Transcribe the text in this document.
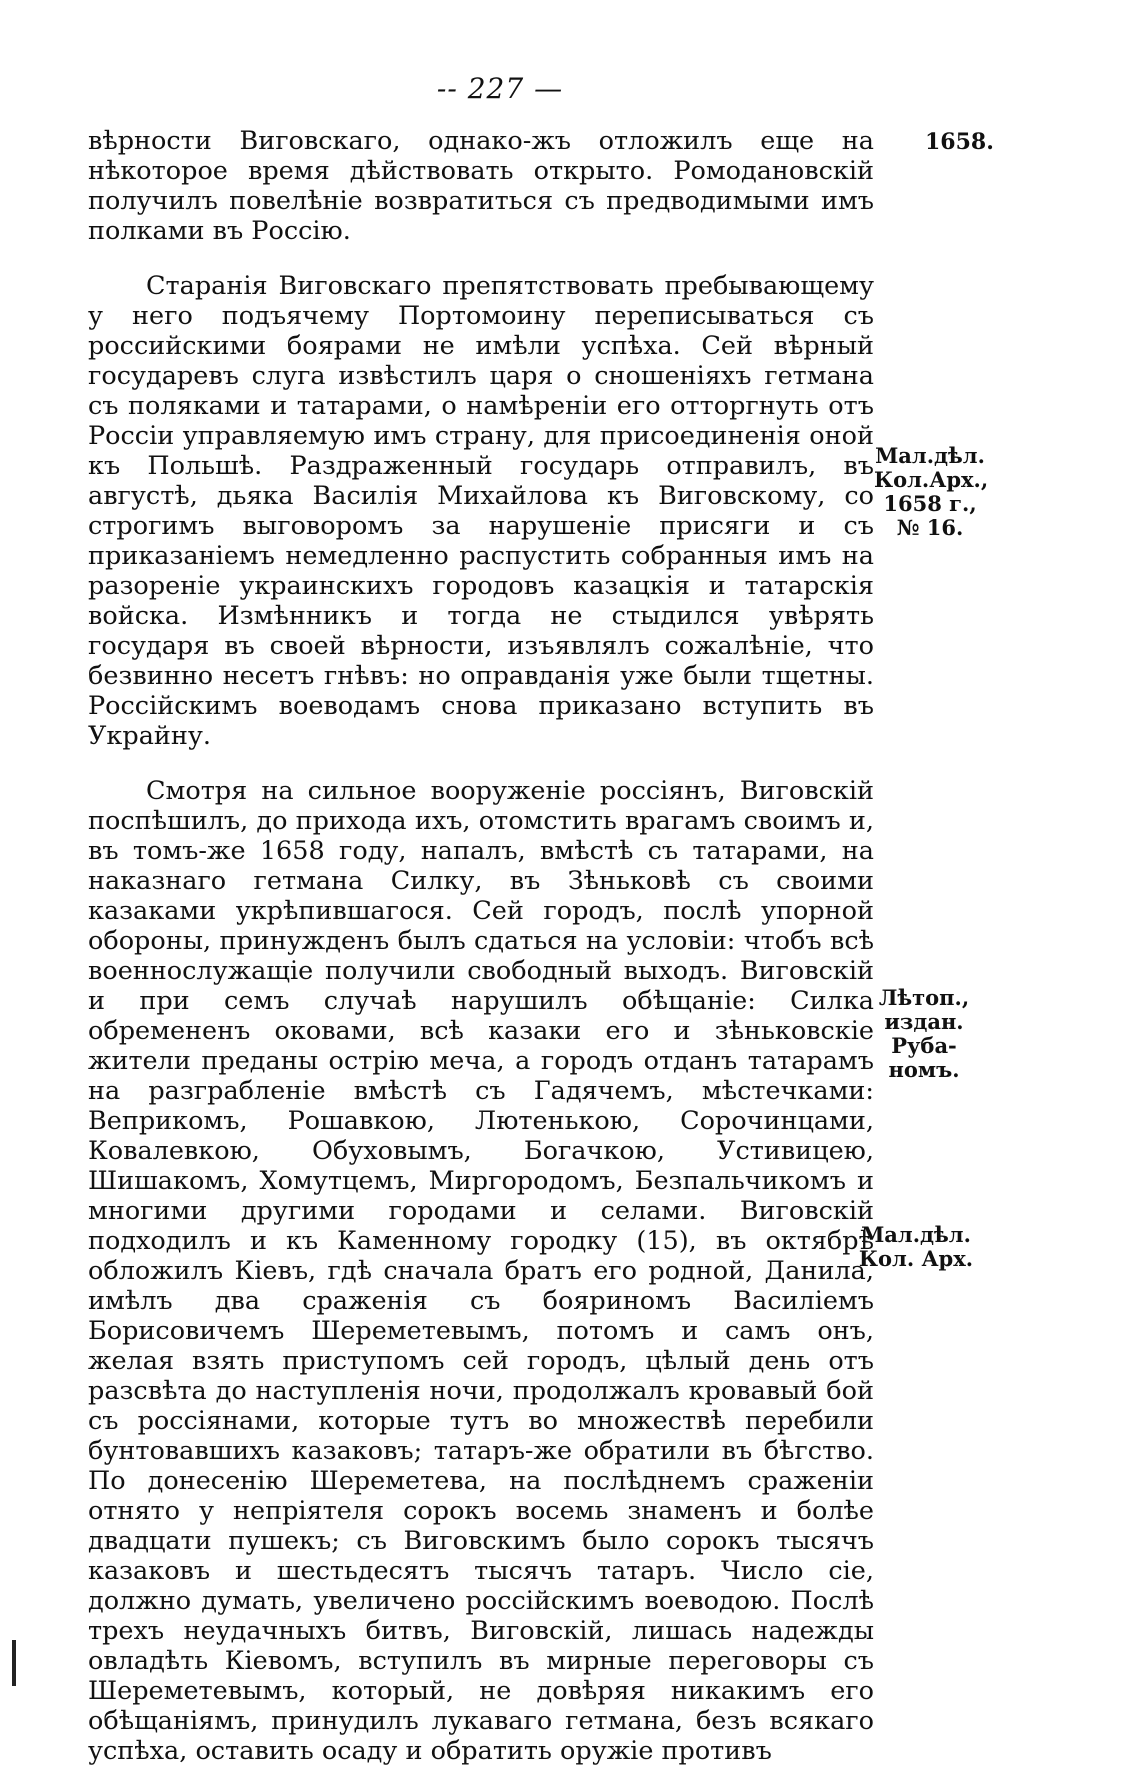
-- 227 —
1658.

вѣрности Виговскаго, однако-жъ отложилъ еще на нѣкоторое время дѣйствовать открыто. Ромодановскій получилъ повелѣніе возвратиться съ предводимыми имъ полками въ Россію.

Старанія Виговскаго препятствовать пребывающему у него подъячему Портомоину переписываться съ российскими боярами не имѣли успѣха. Сей вѣрный государевъ слуга извѣстилъ царя о сношеніяхъ гетмана съ поляками и татарами, о намѣреніи его отторгнуть отъ Россіи управляемую имъ страну, для присоединенія оной къ Польшѣ. Раздраженный государь отправилъ, въ августѣ, дьяка Василія Михайлова къ Виговскому, со строгимъ выговоромъ за нарушеніе присяги и съ приказаніемъ немедленно распустить собранныя имъ на разореніе украинскихъ городовъ казацкія и татарскія войска. Измѣнникъ и тогда не стыдился увѣрять государя въ своей вѣрности, изъявлялъ сожалѣніе, что безвинно несетъ гнѣвъ: но оправданія уже были тщетны. Россійскимъ воеводамъ снова приказано вступить въ Украйну.

Смотря на сильное вооруженіе россіянъ, Виговскій поспѣшилъ, до прихода ихъ, отомстить врагамъ своимъ и, въ томъ-же 1658 году, напалъ, вмѣстѣ съ татарами, на наказнаго гетмана Силку, въ Зѣньковѣ съ своими казаками укрѣпившагося. Сей городъ, послѣ упорной обороны, принужденъ былъ сдаться на условіи: чтобъ всѣ военнослужащіе получили свободный выходъ. Виговскій и при семъ случаѣ нарушилъ обѣщаніе: Силка обремененъ оковами, всѣ казаки его и зѣньковскіе жители преданы острію меча, а городъ отданъ татарамъ на разграбленіе вмѣстѣ съ Гадячемъ, мѣстечками: Веприкомъ, Рошавкою, Лютенькою, Сорочинцами, Ковалевкою, Обуховымъ, Богачкою, Устивицею, Шишакомъ, Хомутцемъ, Миргородомъ, Безпальчикомъ и многими другими городами и селами. Виговскій подходилъ и къ Каменному городку (15), въ октябрѣ обложилъ Кіевъ, гдѣ сначала братъ его родной, Данила, имѣлъ два сраженія съ бояриномъ Василіемъ Борисовичемъ Шереметевымъ, потомъ и самъ онъ, желая взять приступомъ сей городъ, цѣлый день отъ разсвѣта до наступленія ночи, продолжалъ кровавый бой съ россіянами, которые тутъ во множествѣ перебили бунтовавшихъ казаковъ; татаръ-же обратили въ бѣгство. По донесенію Шереметева, на послѣднемъ сраженіи отнято у непріятеля сорокъ восемь знаменъ и болѣе двадцати пушекъ; съ Виговскимъ было сорокъ тысячъ казаковъ и шестьдесятъ тысячъ татаръ. Число сіе, должно думать, увеличено россійскимъ воеводою. Послѣ трехъ неудачныхъ битвъ, Виговскій, лишась надежды овладѣть Кіевомъ, вступилъ въ мирные переговоры съ Шереметевымъ, который, не довѣряя никакимъ его обѣщаніямъ, принудилъ лукаваго гетмана, безъ всякаго успѣха, оставить осаду и обратить оружіе противъ

Мал.дѣл.
Кол.Арх.,
1658 г.,
№ 16.
Лѣтоп.,
издан.
Руба-
номъ.
Мал.дѣл.
Кол. Арх.
